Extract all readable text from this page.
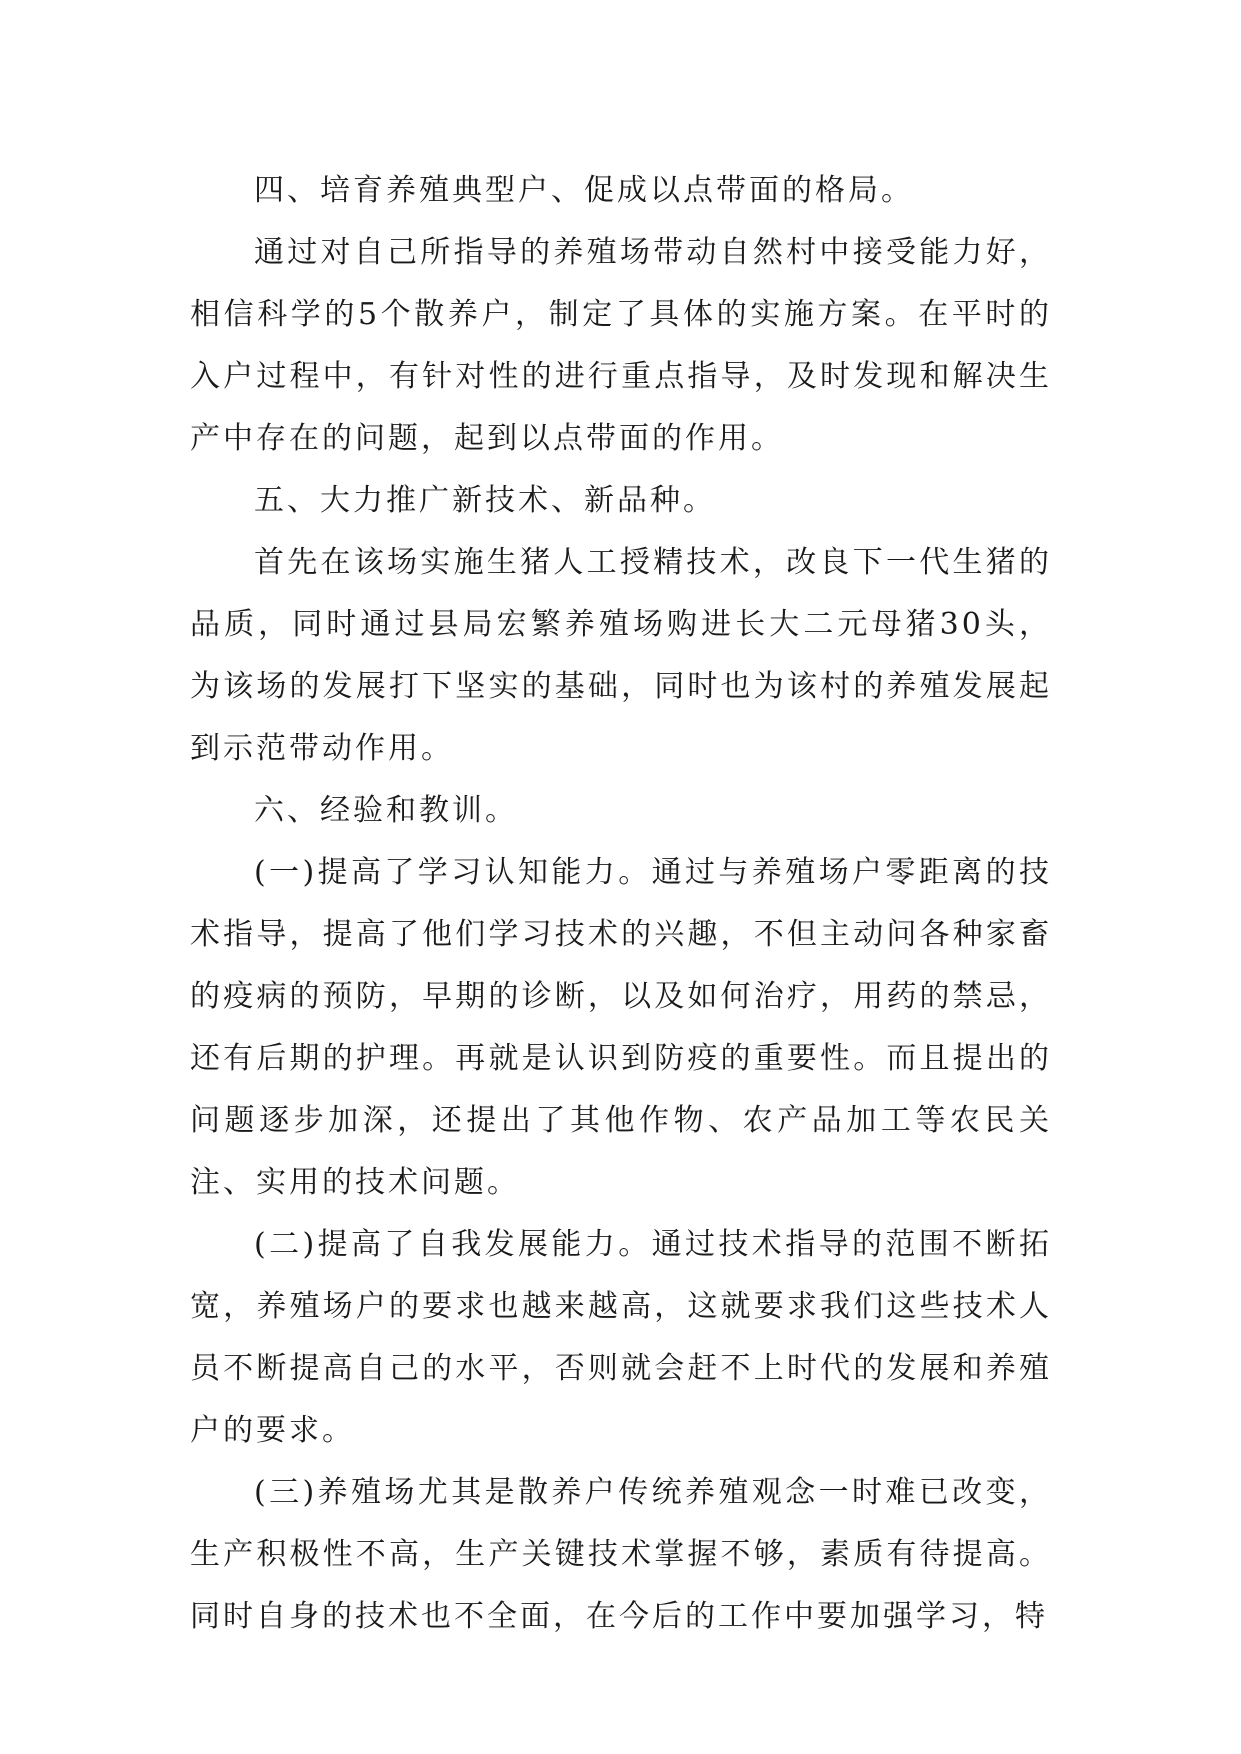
四、培育养殖典型户、促成以点带面的格局。

通过对自己所指导的养殖场带动自然村中接受能力好，相信科学的5个散养户，制定了具体的实施方案。在平时的入户过程中，有针对性的进行重点指导，及时发现和解决生产中存在的问题，起到以点带面的作用。

五、大力推广新技术、新品种。

首先在该场实施生猪人工授精技术，改良下一代生猪的品质，同时通过县局宏繁养殖场购进长大二元母猪30头，为该场的发展打下坚实的基础，同时也为该村的养殖发展起到示范带动作用。

六、经验和教训。

(一)提高了学习认知能力。通过与养殖场户零距离的技术指导，提高了他们学习技术的兴趣，不但主动问各种家畜的疫病的预防，早期的诊断，以及如何治疗，用药的禁忌，还有后期的护理。再就是认识到防疫的重要性。而且提出的问题逐步加深，还提出了其他作物、农产品加工等农民关注、实用的技术问题。

(二)提高了自我发展能力。通过技术指导的范围不断拓宽，养殖场户的要求也越来越高，这就要求我们这些技术人员不断提高自己的水平，否则就会赶不上时代的发展和养殖户的要求。

(三)养殖场尤其是散养户传统养殖观念一时难已改变，生产积极性不高，生产关键技术掌握不够，素质有待提高。同时自身的技术也不全面，在今后的工作中要加强学习，特
